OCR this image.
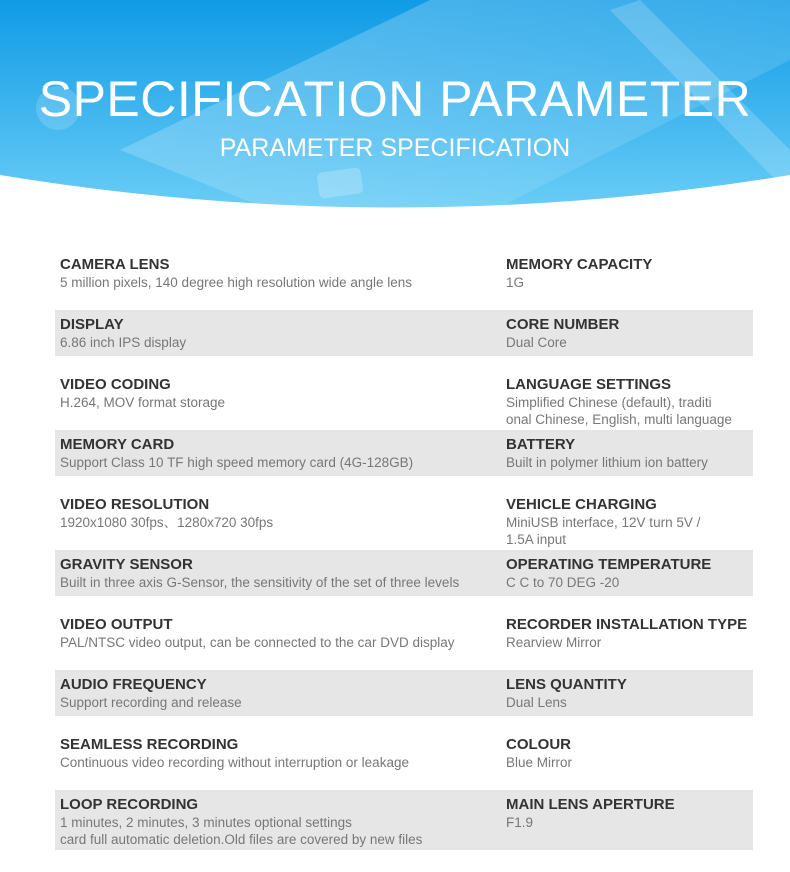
SPECIFICATION PARAMETER
PARAMETER SPECIFICATION
CAMERA LENS
5 million pixels, 140 degree high resolution wide angle lens
MEMORY CAPACITY
1G
DISPLAY
6.86 inch IPS display
CORE NUMBER
Dual Core
VIDEO CODING
H.264, MOV format storage
LANGUAGE SETTINGS
Simplified Chinese (default), traditi
onal Chinese, English, multi language
MEMORY CARD
Support Class 10 TF high speed memory card (4G-128GB)
BATTERY
Built in polymer lithium ion battery
VIDEO RESOLUTION
1920x1080 30fps、1280x720 30fps
VEHICLE CHARGING
MiniUSB interface, 12V turn 5V /
1.5A input
GRAVITY SENSOR
Built in three axis G-Sensor, the sensitivity of the set of three levels
OPERATING TEMPERATURE
C C to 70 DEG -20
VIDEO OUTPUT
PAL/NTSC video output, can be connected to the car DVD display
RECORDER INSTALLATION TYPE
Rearview Mirror
AUDIO FREQUENCY
Support recording and release
LENS QUANTITY
Dual Lens
SEAMLESS RECORDING
Continuous video recording without interruption or leakage
COLOUR
Blue Mirror
LOOP RECORDING
1 minutes, 2 minutes, 3 minutes optional settings
card full automatic deletion.Old files are covered by new files
MAIN LENS APERTURE
F1.9
